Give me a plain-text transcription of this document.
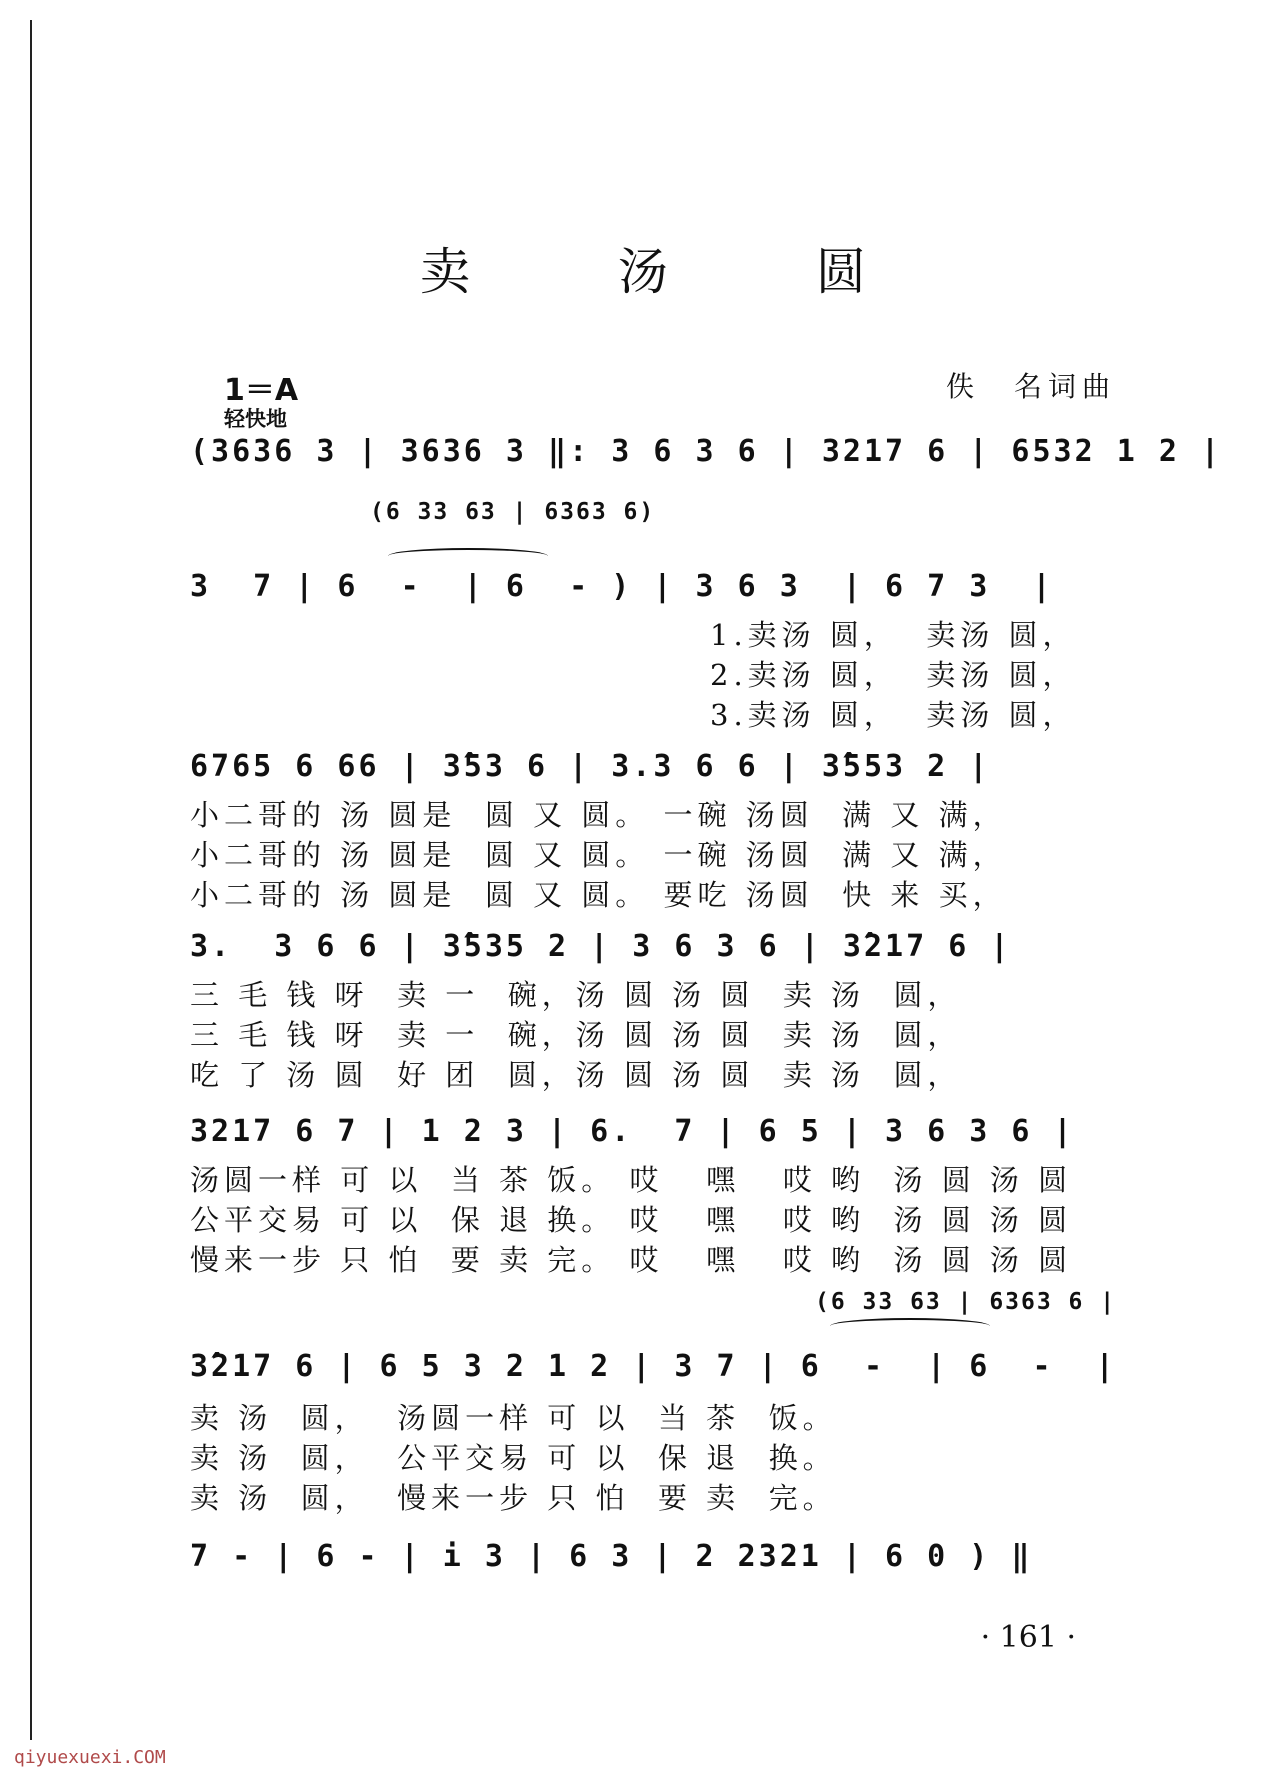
卖 汤 圆
1＝A
轻快地
佚　名词曲
(3636 3 | 3636 3 ‖: 3 6 3 6 | 3217 6 | 6532 1 2 |
(6 33 63 | 6363 6)
3  7 | 6  -  | 6  - ) | 3 6 3  | 6 7 3  |
1.卖汤 圆，  卖汤 圆，
2.卖汤 圆，  卖汤 圆，
3.卖汤 圆，  卖汤 圆，
6765 6 66 | 3̂53 6 | 3.3 6 6 | 3̂553 2 |
小二哥的 汤 圆是  圆 又 圆。 一碗 汤圆  满 又 满，
小二哥的 汤 圆是  圆 又 圆。 一碗 汤圆  满 又 满，
小二哥的 汤 圆是  圆 又 圆。 要吃 汤圆  快 来 买，
3.  3 6 6 | 3̂535 2 | 3 6 3 6 | 3̂217 6 |
三 毛 钱 呀  卖 一  碗，汤 圆 汤 圆  卖 汤  圆，
三 毛 钱 呀  卖 一  碗，汤 圆 汤 圆  卖 汤  圆，
吃 了 汤 圆  好 团  圆，汤 圆 汤 圆  卖 汤  圆，
3217 6 7 | 1 2 3 | 6.  7 | 6 5 | 3 6 3 6 |
汤圆一样 可 以  当 茶 饭。 哎   嘿   哎 哟  汤 圆 汤 圆
公平交易 可 以  保 退 换。 哎   嘿   哎 哟  汤 圆 汤 圆
慢来一步 只 怕  要 卖 完。 哎   嘿   哎 哟  汤 圆 汤 圆
(6 33 63 | 6363 6 |
3̂217 6 | 6 5 3 2 1 2 | 3 7 | 6  -  | 6  -  |
卖 汤  圆，  汤圆一样 可 以  当 茶  饭。
卖 汤  圆，  公平交易 可 以  保 退  换。
卖 汤  圆，  慢来一步 只 怕  要 卖  完。
7 - | 6 - | i 3 | 6 3 | 2 2321 | 6 0 ) ‖
· 161 ·
qiyuexuexi.COM
